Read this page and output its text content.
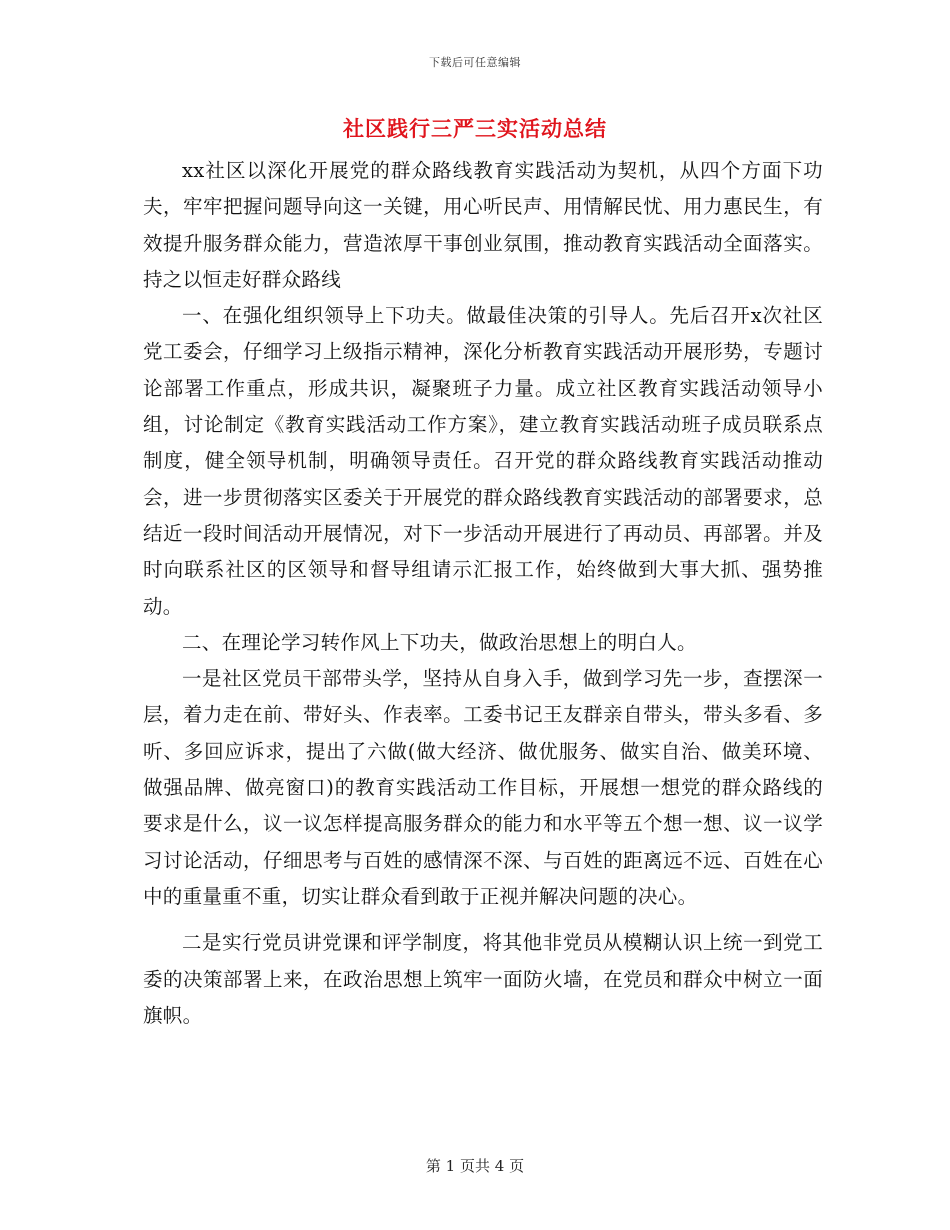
下载后可任意编辑
社区践行三严三实活动总结

xx社区以深化开展党的群众路线教育实践活动为契机，从四个方面下功夫，牢牢把握问题导向这一关键，用心听民声、用情解民忧、用力惠民生，有效提升服务群众能力，营造浓厚干事创业氛围，推动教育实践活动全面落实。持之以恒走好群众路线

一、在强化组织领导上下功夫。做最佳决策的引导人。先后召开x次社区党工委会，仔细学习上级指示精神，深化分析教育实践活动开展形势，专题讨论部署工作重点，形成共识，凝聚班子力量。成立社区教育实践活动领导小组，讨论制定《教育实践活动工作方案》，建立教育实践活动班子成员联系点制度，健全领导机制，明确领导责任。召开党的群众路线教育实践活动推动会，进一步贯彻落实区委关于开展党的群众路线教育实践活动的部署要求，总结近一段时间活动开展情况，对下一步活动开展进行了再动员、再部署。并及时向联系社区的区领导和督导组请示汇报工作，始终做到大事大抓、强势推动。

二、在理论学习转作风上下功夫，做政治思想上的明白人。

一是社区党员干部带头学，坚持从自身入手，做到学习先一步，查摆深一层，着力走在前、带好头、作表率。工委书记王友群亲自带头，带头多看、多听、多回应诉求，提出了六做(做大经济、做优服务、做实自治、做美环境、做强品牌、做亮窗口)的教育实践活动工作目标，开展想一想党的群众路线的要求是什么，议一议怎样提高服务群众的能力和水平等五个想一想、议一议学习讨论活动，仔细思考与百姓的感情深不深、与百姓的距离远不远、百姓在心中的重量重不重，切实让群众看到敢于正视并解决问题的决心。

二是实行党员讲党课和评学制度，将其他非党员从模糊认识上统一到党工委的决策部署上来，在政治思想上筑牢一面防火墙，在党员和群众中树立一面旗帜。

第 1 页共 4 页
